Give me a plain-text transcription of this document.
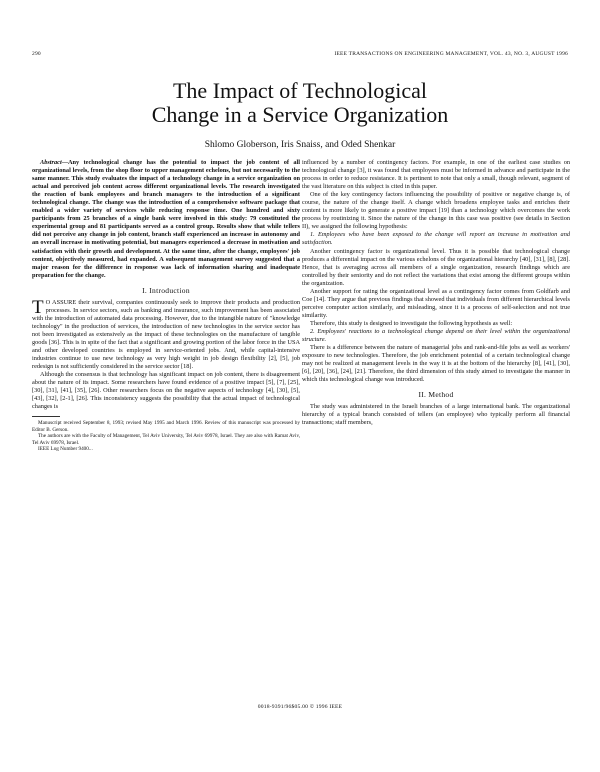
290	IEEE TRANSACTIONS ON ENGINEERING MANAGEMENT, VOL. 43, NO. 3, AUGUST 1996
The Impact of Technological
Change in a Service Organization
Shlomo Globerson, Iris Snaiss, and Oded Shenkar

Abstract—Any technological change has the potential to impact the job content of all organizational levels, from the shop floor to upper management echelons, but not necessarily to the same manner. This study evaluates the impact of a technology change in a service organization on actual and perceived job content across different organizational levels. The research investigated the reaction of bank employees and branch managers to the introduction of a significant technological change. The change was the introduction of a comprehensive software package that enabled a wider variety of services while reducing response time. One hundred and sixty participants from 25 branches of a single bank were involved in this study: 79 constituted the experimental group and 81 participants served as a control group. Results show that while tellers did not perceive any change in job content, branch staff experienced an increase in autonomy and an overall increase in motivating potential, but managers experienced a decrease in motivation and satisfaction with their growth and development. At the same time, after the change, employees' job content, objectively measured, had expanded. A subsequent management survey suggested that a major reason for the difference in response was lack of information sharing and inadequate preparation for the change.

I. Introduction

T O ASSURE their survival, companies continuously seek to improve their products and production processes. In service sectors, such as banking and insurance, such improvement has been associated with the introduction of automated data processing. However, due to the intangible nature of "knowledge technology" in the production of services, the introduction of new technologies in the service sector has not been investigated as extensively as the impact of these technologies on the manufacture of tangible goods [36]. This is in spite of the fact that a significant and growing portion of the labor force in the USA and other developed countries is employed in service-oriented jobs. And, while capital-intensive industries continue to use new technology as very high weight in job design flexibility [2], [5], job redesign is not sufficiently considered in the service sector [18].

Although the consensus is that technology has significant impact on job content, there is disagreement about the nature of its impact. Some researchers have found evidence of a positive impact [5], [7], [25], [30], [31], [41], [35], [26]. Other researchers focus on the negative aspects of technology [4], [30], [5], [43], [32], [2-1], [26]. This inconsistency suggests the possibility that the actual impact of technological changes is

Manuscript received September 8, 1993; revised May 1995 and March 1996. Review of this manuscript was processed by Editor B. Gerson.

The authors are with the Faculty of Management, Tel Aviv University, Tel Aviv 69978, Israel. They are also with Ramat Aviv, Tel Aviv 69978, Israel.

IEEE Log Number 9400...

influenced by a number of contingency factors. For example, in one of the earliest case studies on technological change [3], it was found that employees must be informed in advance and participate in the process in order to reduce resistance. It is pertinent to note that only a small, though relevant, segment of the vast literature on this subject is cited in this paper.

One of the key contingency factors influencing the possibility of positive or negative change is, of course, the nature of the change itself. A change which broadens employee tasks and enriches their content is more likely to generate a positive impact [19] than a technology which overcomes the work process by routinizing it. Since the nature of the change in this case was positive (see details in Section II), we assigned the following hypothesis:

1. Employees who have been exposed to the change will report an increase in motivation and satisfaction.

Another contingency factor is organizational level. Thus it is possible that technological change produces a differential impact on the various echelons of the organizational hierarchy [40], [31], [8], [28]. Hence, that is averaging across all members of a single organization, research findings which are controlled by their seniority and do not reflect the variations that exist among the different groups within the organization.

Another support for rating the organizational level as a contingency factor comes from Goldfarb and Coe [14]. They argue that previous findings that showed that individuals from different hierarchical levels perceive computer action similarly, and misleading, since it is a process of self-selection and not true similarity.

Therefore, this study is designed to investigate the following hypothesis as well:

2. Employees' reactions to a technological change depend on their level within the organizational structure.

There is a difference between the nature of managerial jobs and rank-and-file jobs as well as workers' exposure to new technologies. Therefore, the job enrichment potential of a certain technological change may not be realized at management levels in the way it is at the bottom of the hierarchy [8], [41], [30], [6], [20], [36], [24], [21]. Therefore, the third dimension of this study aimed to investigate the manner in which this technological change was introduced.

II. Method

The study was administered in the Israeli branches of a large international bank. The organizational hierarchy of a typical branch consisted of tellers (an employee) who typically perform all financial transactions; staff members,

0018-9391/96$05.00 © 1996 IEEE
